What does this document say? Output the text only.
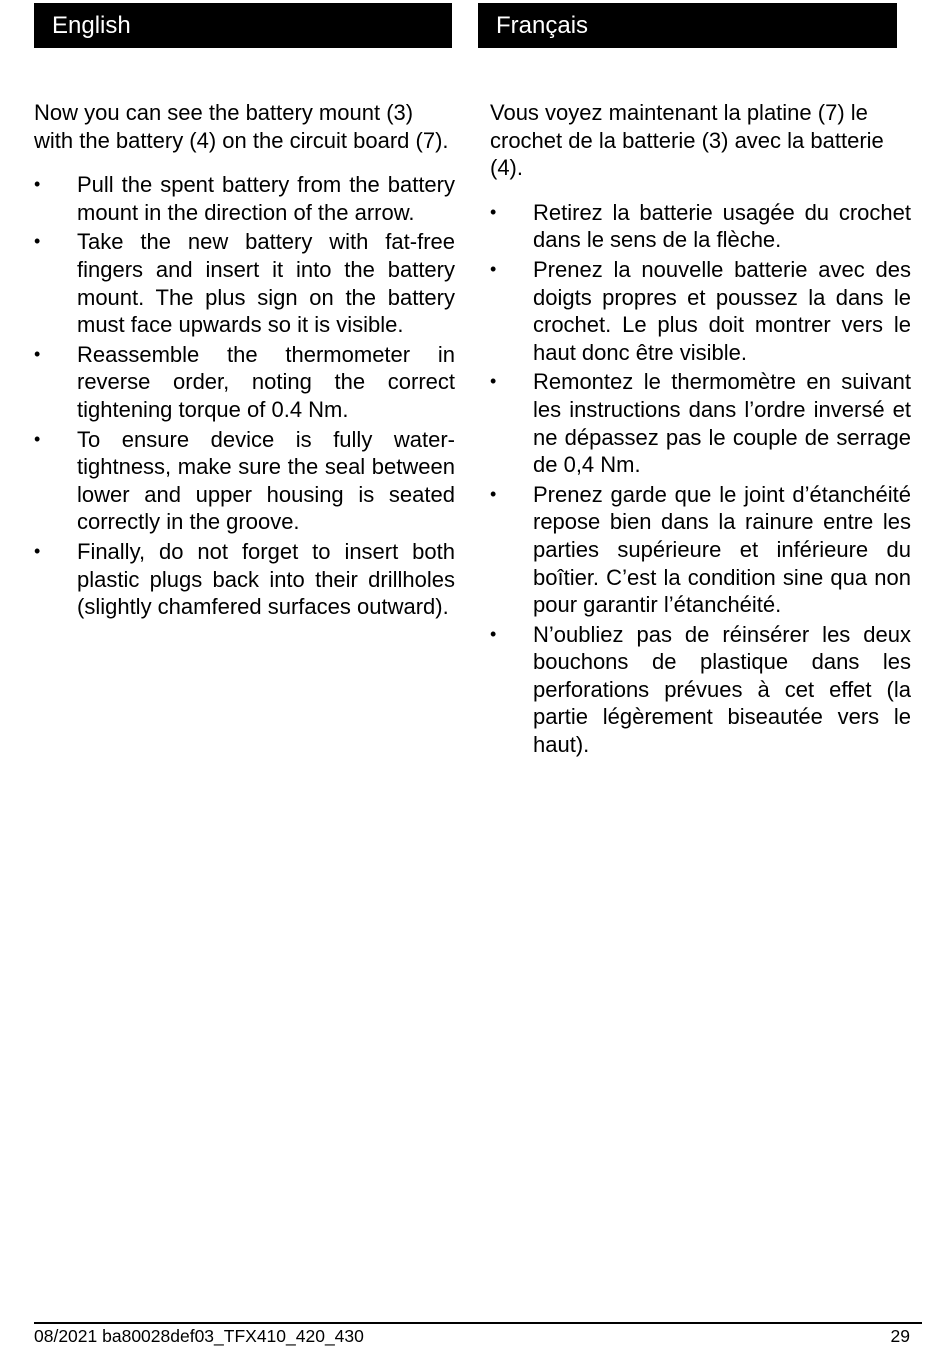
English	Français

Now you can see the battery mount (3) with the battery (4) on the circuit board (7).

• Pull the spent battery from the battery mount in the direction of the arrow.
• Take the new battery with fat-free fingers and insert it into the battery mount. The plus sign on the battery must face upwards so it is visible.
• Reassemble the thermometer in reverse order, noting the correct tightening torque of 0.4 Nm.
• To ensure device is fully water-tightness, make sure the seal between lower and upper housing is seated correctly in the groove.
• Finally, do not forget to insert both plastic plugs back into their drillholes (slightly chamfered surfaces outward).

Vous voyez maintenant la platine (7) le crochet de la batterie (3) avec la batterie (4).

• Retirez la batterie usagée du crochet dans le sens de la flèche.
• Prenez la nouvelle batterie avec des doigts propres et poussez la dans le crochet. Le plus doit montrer vers le haut donc être visible.
• Remontez le thermomètre en suivant les instructions dans l’ordre inversé et ne dépassez pas le couple de serrage de 0,4 Nm.
• Prenez garde que le joint d’étanchéité repose bien dans la rainure entre les parties supérieure et inférieure du boîtier. C’est la condition sine qua non pour garantir l’étanchéité.
• N’oubliez pas de réinsérer les deux bouchons de plastique dans les perforations prévues à cet effet (la partie légèrement biseautée vers le haut).
08/2021 ba80028def03_TFX410_420_430	29
